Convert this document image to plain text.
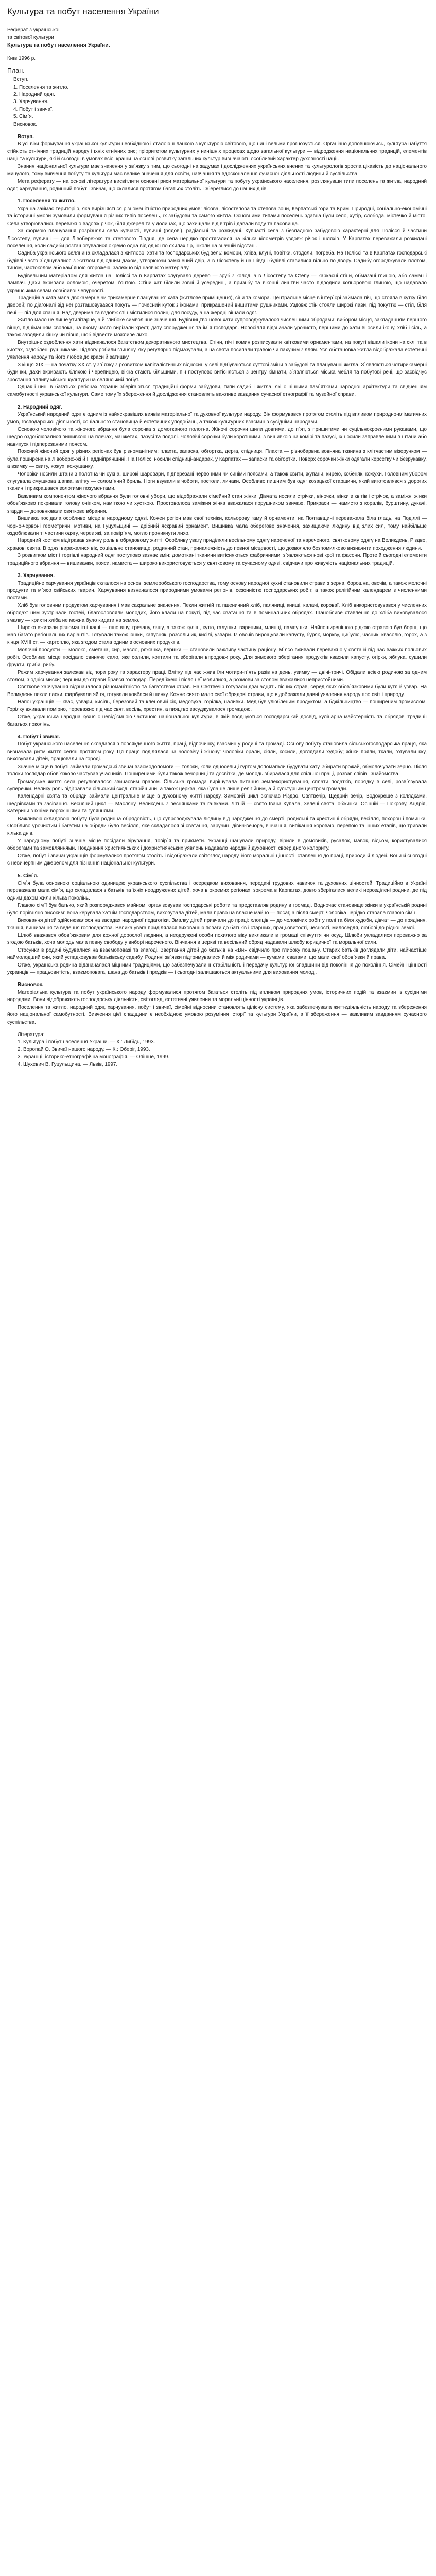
Культура та побут населення України

Реферат з української

та світової культури

Культура та побут населення України.

Київ 1996 р.

План.

Вступ.

1. Поселення та житло.

2. Народний одяг.

3. Харчування.

4. Побут і звичаї.

5. Сім`я.

Висновок.

Вступ.

В усі віки формування української культури необхідною і сталою її ланкою з культурою світовою, що нині вельми прогнозується. Органічно доповнюючись, культура набуття стійкість етнічних традицій народу і їхніх етнічних рис; пріоритетом культурних у нинішніх процесах щодо загальної культури — відродження національних традицій, елементів нації та культури, які й сьогодні в умовах всієї країни на основі розвитку загальних культур визначають особливий характер духовності нації.

Знання національної культури має значення у зв`язку з тим, що сьогодні на задумах і дослідженнях українських вчених та культурологів зросла цікавість до національного минулого, тому вивчення побуту та культури має велике значення для освіти, навчання та вдосконалення сучасної діяльності людини й суспільства.

Мета реферату — на основі літератури висвітлити основні риси матеріальної культури та побуту українського населення, розглянувши типи поселень та житла, народний одяг, харчування, родинний побут і звичаї, що склалися протягом багатьох століть і збереглися до наших днів.

1. Поселення та житло.

Україна займає територію, яка вирізняється різноманітністю природних умов: лісова, лісостепова та степова зони, Карпатські гори та Крим. Природні, соціально-економічні та історичні умови зумовили формування різних типів поселень, їх забудови та самого житла. Основними типами поселень здавна були село, хутір, слобода, містечко й місто. Села утворювались переважно вздовж річок, біля джерел та у долинах, що захищали від вітрів і давали воду та пасовища.

За формою планування розрізняли села купчасті, вуличні (рядові), радіальні та розкидані. Купчасті села з безладною забудовою характерні для Полісся й частини Лісостепу, вуличні — для Лівобережжя та степового Півдня, де села нерідко простягалися на кілька кілометрів уздовж річок і шляхів. У Карпатах переважали розкидані поселення, коли садиби розташовувалися окремо одна від одної по схилах гір, інколи на значній відстані.

Садиба українського селянина складалася з житлової хати та господарських будівель: комори, хліва, клуні, повітки, стодоли, погреба. На Поліссі та в Карпатах господарські будівлі часто з`єднувалися з житлом під одним дахом, утворюючи замкнений двір, а в Лісостепу й на Півдні будівлі ставилися вільно по двору. Садибу огороджували плотом, тином, частоколом або кам`яною огорожею, залежно від наявного матеріалу.

Будівельним матеріалом для житла на Поліссі та в Карпатах слугувало дерево — зруб з колод, а в Лісостепу та Степу — каркасні стіни, обмазані глиною, або саман і лампач. Дахи вкривали соломою, очеретом, ґонтою. Стіни хат білили зовні й усередині, а призьбу та віконні лиштви часто підводили кольоровою глиною, що надавало українським селам особливої чепурності.

Традиційна хата мала двокамерне чи трикамерне планування: хата (житлове приміщення), сіни та комора. Центральне місце в інтер`єрі займала піч, що стояла в кутку біля дверей; по діагоналі від неї розташовувався покуть — почесний куток з іконами, прикрашений вишитими рушниками. Уздовж стін стояли широкі лави, під покуттю — стіл, біля печі — піл для спання. Над дверима та вздовж стін містилися полиці для посуду, а на жердці вішали одяг.

Житло мало не лише утилітарне, а й глибоке символічне значення. Будівництво нової хати супроводжувалося численними обрядами: вибором місця, закладанням першого вінця, підніманням сволока, на якому часто вирізали хрест, дату спорудження та ім`я господаря. Новосілля відзначали урочисто, першими до хати вносили ікону, хліб і сіль, а також заводили кішку чи півня, щоб відвести можливе лихо.

Внутрішнє оздоблення хати відзначалося багатством декоративного мистецтва. Стіни, піч і комин розписували квітковими орнаментами, на покуті вішали ікони на склі та в киотах, оздоблені рушниками. Підлогу робили глиняну, яку регулярно підмазували, а на свята посипали травою чи пахучим зіллям. Уся обстановка житла відображала естетичні уявлення народу та його любов до краси й затишку.

З кінця XIX — на початку XX ст. у зв`язку з розвитком капіталістичних відносин у селі відбуваються суттєві зміни в забудові та плануванні житла. З`являються чотирикамерні будинки, дахи вкривають бляхою і черепицею, вікна стають більшими, піч поступово витісняється з центру кімнати, з`являються міська мебля та побутові речі, що засвідчує зростання впливу міської культури на селянський побут.

Однак і нині в багатьох регіонах України зберігаються традиційні форми забудови, типи садиб і житла, які є цінними пам`ятками народної архітектури та свідченням самобутності української культури. Саме тому їх збереження й дослідження становлять важливе завдання сучасної етнографії та музейної справи.

2. Народний одяг.

Український народний одяг є одним із найяскравіших виявів матеріальної та духовної культури народу. Він формувався протягом століть під впливом природно-кліматичних умов, господарської діяльності, соціального становища й естетичних уподобань, а також культурних взаємин з сусідніми народами.

Основою чоловічого та жіночого вбрання була сорочка з домотканого полотна. Жіночі сорочки шили довгими, до п`ят, з пришитими чи суцільнокроєними рукавами, що щедро оздоблювалися вишивкою на плечах, манжетах, пазусі та подолі. Чоловічі сорочки були коротшими, з вишивкою на комірі та пазусі, їх носили заправленими в штани або навипуск і підперезаними поясом.

Поясний жіночий одяг у різних регіонах був різноманітним: плахта, запаска, обгортка, дерга, спідниця. Плахта — різнобарвна вовняна тканина з клітчастим візерунком — була поширена на Лівобережжі й Наддніпрянщині. На Поліссі носили спідниці-андарак, у Карпатах — запаски та обгортки. Поверх сорочки жінки одягали керсетку чи безрукавку, а взимку — свиту, кожух, кожушанку.

Чоловіки носили штани з полотна чи сукна, широкі шаровари, підперезані червоними чи синіми поясами, а також свити, жупани, кирею, кобеняк, кожухи. Головним убором слугувала смушкова шапка, влітку — солом`яний бриль. Ноги взували в чоботи, постоли, личаки. Особливо пишним був одяг козацької старшини, який виготовлявся з дорогих тканин і прикрашався золотими позументами.

Важливим компонентом жіночого вбрання були головні убори, що відображали сімейний стан жінки. Дівчата носили стрічки, віночки, вінки з квітів і стрічок, а заміжні жінки обов`язково покривали голову очіпком, наміткою чи хусткою. Простоволоса заміжня жінка вважалася порушником звичаю. Прикраси — намисто з коралів, бурштину, дукачі, згарди — доповнювали святкове вбрання.

Вишивка посідала особливе місце в народному одязі. Кожен регіон мав свої техніки, кольорову гаму й орнаменти: на Полтавщині переважала біла гладь, на Поділлі — чорно-червоні геометричні мотиви, на Гуцульщині — дрібний яскравий орнамент. Вишивка мала оберегове значення, захищаючи людину від злих сил, тому найбільше оздоблювали ті частини одягу, через які, за повір`ям, могло проникнути лихо.

Народний костюм відігравав значну роль в обрядовому житті. Особливу увагу приділяли весільному одягу нареченої та нареченого, святковому одягу на Великдень, Різдво, храмові свята. В одязі виражалися вік, соціальне становище, родинний стан, приналежність до певної місцевості, що дозволяло безпомилково визначити походження людини.

З розвитком міст і торгівлі народний одяг поступово зазнає змін: домоткані тканини витісняються фабричними, з`являються нові крої та фасони. Проте й сьогодні елементи традиційного вбрання — вишиванки, пояси, намиста — широко використовуються у святковому та сучасному одязі, свідчачи про живучість національних традицій.

3. Харчування.

Традиційне харчування українців склалося на основі землеробського господарства, тому основу народної кухні становили страви з зерна, борошна, овочів, а також молочні продукти та м`ясо свійських тварин. Харчування визначалося природними умовами регіонів, сезонністю господарських робіт, а також релігійним календарем з численними постами.

Хліб був головним продуктом харчування і мав сакральне значення. Пекли житній та пшеничний хліб, паляниці, книші, калачі, короваї. Хліб використовувався у численних обрядах: ним зустрічали гостей, благословляли молодих, його клали на покуті, під час сватання та в поминальних обрядах. Шанобливе ставлення до хліба виховувалося змалку — крихти хліба не можна було кидати на землю.

Широко вживали різноманітні каші — пшоняну, гречану, ячну, а також куліш, кутю, галушки, вареники, млинці, пампушки. Найпоширенішою рідкою стравою був борщ, що мав багато регіональних варіантів. Готували також юшки, капусняк, розсольник, кисілі, узвари. Із овочів вирощували капусту, буряк, моркву, цибулю, часник, квасолю, горох, а з кінця XVIII ст. — картоплю, яка згодом стала одним з основних продуктів.

Молочні продукти — молоко, сметана, сир, масло, ряжанка, вершки — становили важливу частину раціону. М`ясо вживали переважно у свята й під час важких польових робіт. Особливе місце посідало свиняче сало, яке солили, коптили та зберігали впродовж року. Для зимового зберігання продуктів квасили капусту, огірки, яблука, сушили фрукти, гриби, рибу.

Режим харчування залежав від пори року та характеру праці. Влітку під час жнив їли чотири-п`ять разів на день, узимку — двічі-тричі. Обідали всією родиною за одним столом, з однієї миски; першим до страви брався господар. Перед їжею і після неї молилися, а розмови за столом вважалися непристойними.

Святкове харчування відзначалося різноманітністю та багатством страв. На Святвечір готували дванадцять пісних страв, серед яких обов`язковими були кутя й узвар. На Великдень пекли паски, фарбували яйця, готували ковбаси й шинку. Кожне свято мало свої обрядові страви, що відображали давні уявлення народу про світ і природу.

Напої українців — квас, узвари, кисіль, березовий та кленовий сік, медовуха, горілка, наливки. Мед був улюбленим продуктом, а бджільництво — поширеним промислом. Горілку вживали помірно, переважно під час свят, весіль, хрестин, а пияцтво засуджувалося громадою.

Отже, українська народна кухня є невід`ємною частиною національної культури, в якій поєднуються господарський досвід, кулінарна майстерність та обрядові традиції багатьох поколінь.

4. Побут і звичаї.

Побут українського населення складався з повсякденного життя, праці, відпочинку, взаємин у родині та громаді. Основу побуту становила сільськогосподарська праця, яка визначала ритм життя селян протягом року. Ця праця поділялася на чоловічу і жіночу: чоловіки орали, сіяли, косили, доглядали худобу; жінки пряли, ткали, готували їжу, виховували дітей, працювали на городі.

Значне місце в побуті займали громадські звичаї взаємодопомоги — толоки, коли односельці гуртом допомагали будувати хату, збирати врожай, обмолочувати зерно. Після толоки господар обов`язково частував учасників. Поширеними були також вечорниці та досвітки, де молодь збиралася для спільної праці, розваг, співів і знайомства.

Громадське життя села регулювалося звичаєвим правом. Сільська громада вирішувала питання землекористування, сплати податків, порядку в селі, розв`язувала суперечки. Велику роль відігравали сільський сход, старійшини, а також церква, яка була не лише релігійним, а й культурним центром громади.

Календарні свята та обряди займали центральне місце в духовному житті народу. Зимовий цикл включав Різдво, Святвечір, Щедрий вечір, Водохреще з колядками, щедрівками та засівання. Весняний цикл — Масляну, Великдень з веснянками та гаївками. Літній — свято Івана Купала, Зелені свята, обжинки. Осінній — Покрову, Андрія, Катерини з їхніми ворожіннями та гуляннями.

Важливою складовою побуту була родинна обрядовість, що супроводжувала людину від народження до смерті: родильні та хрестинні обряди, весілля, похорон і поминки. Особливо урочистим і багатим на обряди було весілля, яке складалося зі сватання, заручин, дівич-вечора, вінчання, випікання короваю, перепою та інших етапів, що тривали кілька днів.

У народному побуті значне місце посідали вірування, повір`я та прикмети. Українці шанували природу, вірили в домовиків, русалок, мавок, відьом, користувалися оберегами та замовляннями. Поєднання християнських і дохристиянських уявлень надавало народній духовності своєрідного колориту.

Отже, побут і звичаї українців формувалися протягом століть і відображали світогляд народу, його моральні цінності, ставлення до праці, природи й людей. Вони й сьогодні є невичерпним джерелом для пізнання національної культури.

5. Сім`я.

Сім`я була основною соціальною одиницею українського суспільства і осередком виховання, передачі трудових навичок та духовних цінностей. Традиційно в Україні переважала мала сім`я, що складалася з батьків та їхніх неодружених дітей, хоча в окремих регіонах, зокрема в Карпатах, довго зберігалися великі нерозділені родини, де під одним дахом жили кілька поколінь.

Главою сім`ї був батько, який розпоряджався майном, організовував господарські роботи та представляв родину в громаді. Водночас становище жінки в українській родині було порівняно високим: вона керувала хатнім господарством, виховувала дітей, мала право на власне майно — посаг, а після смерті чоловіка нерідко ставала главою сім`ї.

Виховання дітей здійснювалося на засадах народної педагогіки. Змалку дітей привчали до праці: хлопців — до чоловічих робіт у полі та біля худоби, дівчат — до прядіння, ткання, вишивання та ведення господарства. Велика увага приділялася вихованню поваги до батьків і старших, працьовитості, чесності, милосердя, любові до рідної землі.

Шлюб вважався обов`язковим для кожної дорослої людини, а неодружені особи похилого віку викликали в громаді співчуття чи осуд. Шлюби укладалися переважно за згодою батьків, хоча молодь мала певну свободу у виборі нареченого. Вінчання в церкві та весільний обряд надавали шлюбу юридичної та моральної сили.

Стосунки в родині будувалися на взаємоповазі та злагоді. Звертання дітей до батьків на «Ви» свідчило про глибоку пошану. Старих батьків доглядали діти, найчастіше наймолодший син, який успадковував батьківську садибу. Родинні зв`язки підтримувалися й між родичами — кумами, сватами, що мали свої обов`язки й права.

Отже, українська родина відзначалася міцними традиціями, що забезпечували її стабільність і передачу культурної спадщини від покоління до покоління. Сімейні цінності українців — працьовитість, взаємоповага, шана до батьків і предків — і сьогодні залишаються актуальними для виховання молоді.

Висновок.

Матеріальна культура та побут українського народу формувалися протягом багатьох століть під впливом природних умов, історичних подій та взаємин із сусідніми народами. Вони відображають господарську діяльність, світогляд, естетичні уявлення та моральні цінності українців.

Поселення та житло, народний одяг, харчування, побут і звичаї, сімейні відносини становлять цілісну систему, яка забезпечувала життєдіяльність народу та збереження його національної самобутності. Вивчення цієї спадщини є необхідною умовою розуміння історії та культури України, а її збереження — важливим завданням сучасного суспільства.

Література:

1. Культура і побут населення України. — К.: Либідь, 1993.

2. Воропай О. Звичаї нашого народу. — К.: Оберіг, 1993.

3. Українці: історико-етнографічна монографія. — Опішне, 1999.

4. Шухевич В. Гуцульщина. — Львів, 1997.
